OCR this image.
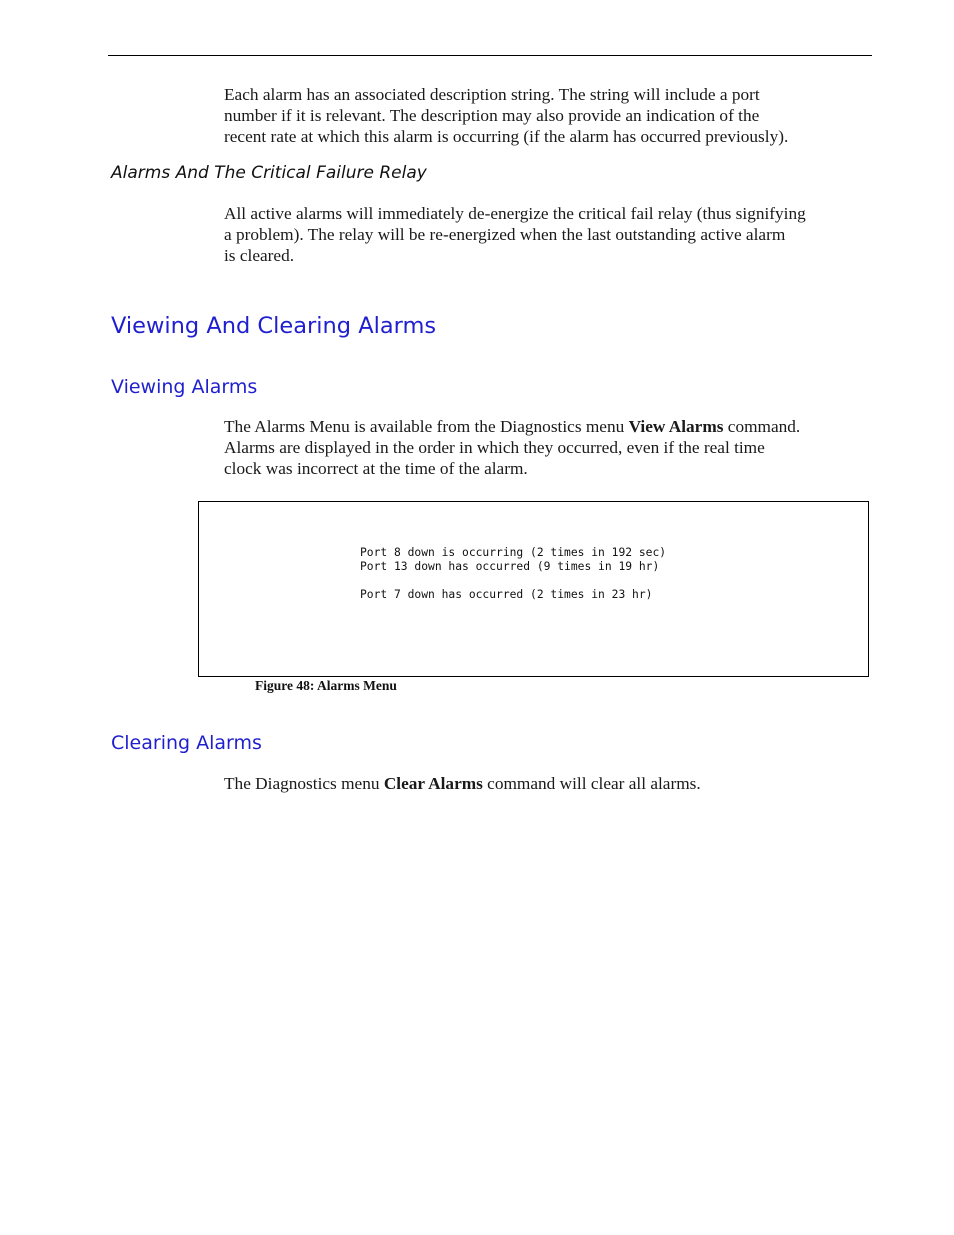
Each alarm has an associated description string. The string will include a port
number if it is relevant. The description may also provide an indication of the
recent rate at which this alarm is occurring (if the alarm has occurred previously).

Alarms And The Critical Failure Relay

All active alarms will immediately de-energize the critical fail relay (thus signifying
a problem). The relay will be re-energized when the last outstanding active alarm
is cleared.

Viewing And Clearing Alarms
Viewing Alarms

The Alarms Menu is available from the Diagnostics menu View Alarms command.
Alarms are displayed in the order in which they occurred, even if the real time
clock was incorrect at the time of the alarm.

Port 8 down is occurring (2 times in 192 sec)
Port 13 down has occurred (9 times in 19 hr)
Port 7 down has occurred (2 times in 23 hr)
Figure 48: Alarms Menu
Clearing Alarms

The Diagnostics menu Clear Alarms command will clear all alarms.
